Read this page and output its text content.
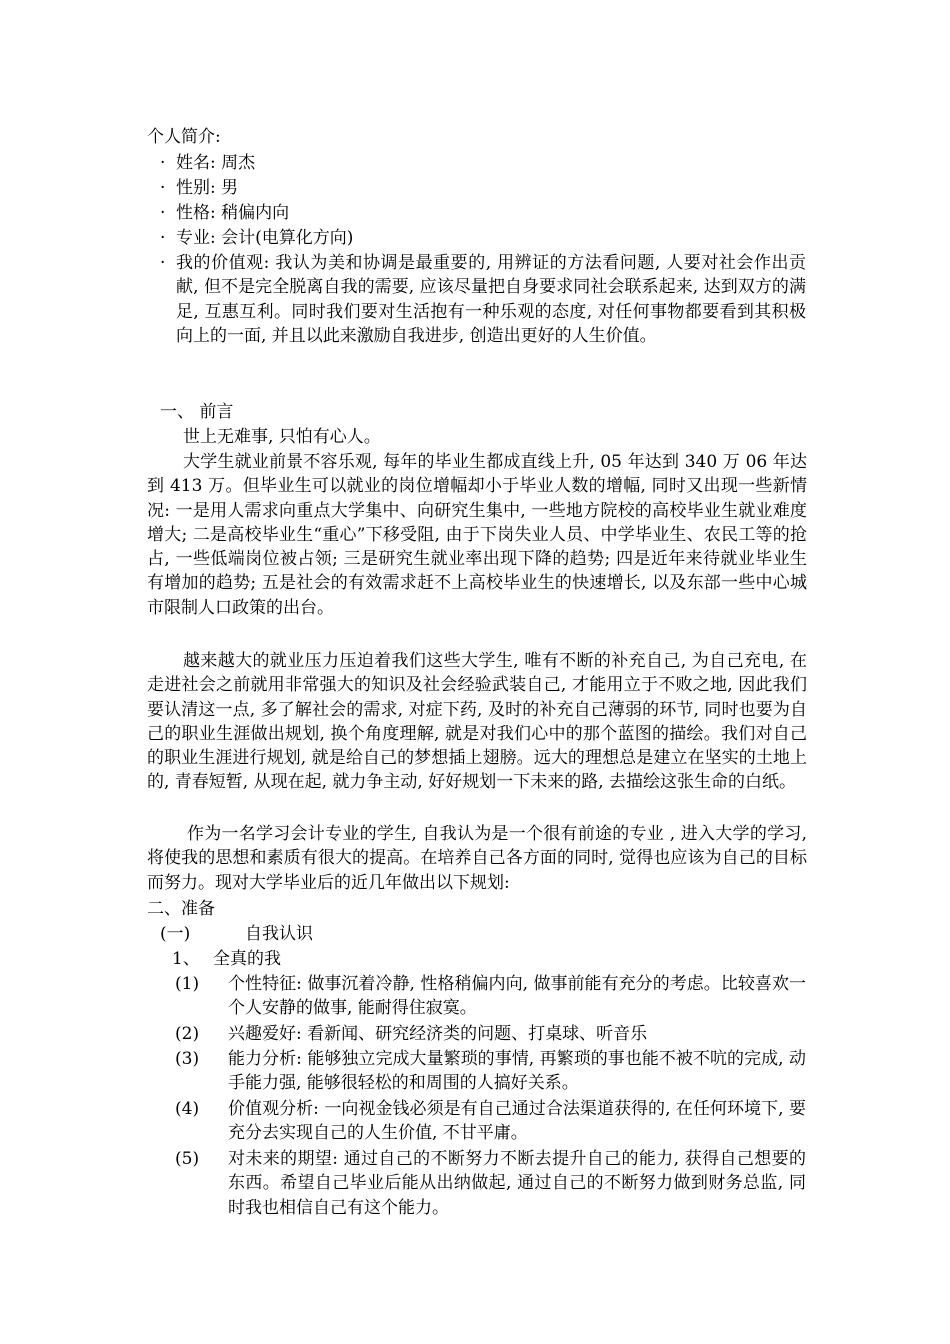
个人简介:
· 姓名: 周杰
· 性别: 男
· 性格: 稍偏内向
· 专业: 会计(电算化方向)
· 我的价值观: 我认为美和协调是最重要的, 用辨证的方法看问题, 人要对社会作出贡献, 但不是完全脱离自我的需要, 应该尽量把自身要求同社会联系起来, 达到双方的满足, 互惠互利。同时我们要对生活抱有一种乐观的态度, 对任何事物都要看到其积极向上的一面, 并且以此来激励自我进步, 创造出更好的人生价值。
一、 前言
世上无难事, 只怕有心人。
大学生就业前景不容乐观, 每年的毕业生都成直线上升, 05 年达到 340 万 06 年达到 413 万。但毕业生可以就业的岗位增幅却小于毕业人数的增幅, 同时又出现一些新情况: 一是用人需求向重点大学集中、向研究生集中, 一些地方院校的高校毕业生就业难度增大; 二是高校毕业生“重心”下移受阻, 由于下岗失业人员、中学毕业生、农民工等的抢占, 一些低端岗位被占领; 三是研究生就业率出现下降的趋势; 四是近年来待就业毕业生有增加的趋势; 五是社会的有效需求赶不上高校毕业生的快速增长, 以及东部一些中心城市限制人口政策的出台。
越来越大的就业压力压迫着我们这些大学生, 唯有不断的补充自己, 为自己充电, 在走进社会之前就用非常强大的知识及社会经验武装自己, 才能用立于不败之地, 因此我们要认清这一点, 多了解社会的需求, 对症下药, 及时的补充自己薄弱的环节, 同时也要为自己的职业生涯做出规划, 换个角度理解, 就是对我们心中的那个蓝图的描绘。我们对自己的职业生涯进行规划, 就是给自己的梦想插上翅膀。远大的理想总是建立在坚实的土地上的, 青春短暂, 从现在起, 就力争主动, 好好规划一下未来的路, 去描绘这张生命的白纸。
作为一名学习会计专业的学生, 自我认为是一个很有前途的专业 , 进入大学的学习, 将使我的思想和素质有很大的提高。在培养自己各方面的同时, 觉得也应该为自己的目标而努力。现对大学毕业后的近几年做出以下规划:
二、准备
(一)	自我认识
1、 全真的我
(1) 个性特征: 做事沉着冷静, 性格稍偏内向, 做事前能有充分的考虑。比较喜欢一个人安静的做事, 能耐得住寂寞。
(2) 兴趣爱好: 看新闻、研究经济类的问题、打桌球、听音乐
(3) 能力分析: 能够独立完成大量繁琐的事情, 再繁琐的事也能不被不吭的完成, 动手能力强, 能够很轻松的和周围的人搞好关系。
(4) 价值观分析: 一向视金钱必须是有自己通过合法渠道获得的, 在任何环境下, 要充分去实现自己的人生价值, 不甘平庸。
(5) 对未来的期望: 通过自己的不断努力不断去提升自己的能力, 获得自己想要的东西。希望自己毕业后能从出纳做起, 通过自己的不断努力做到财务总监, 同时我也相信自己有这个能力。
